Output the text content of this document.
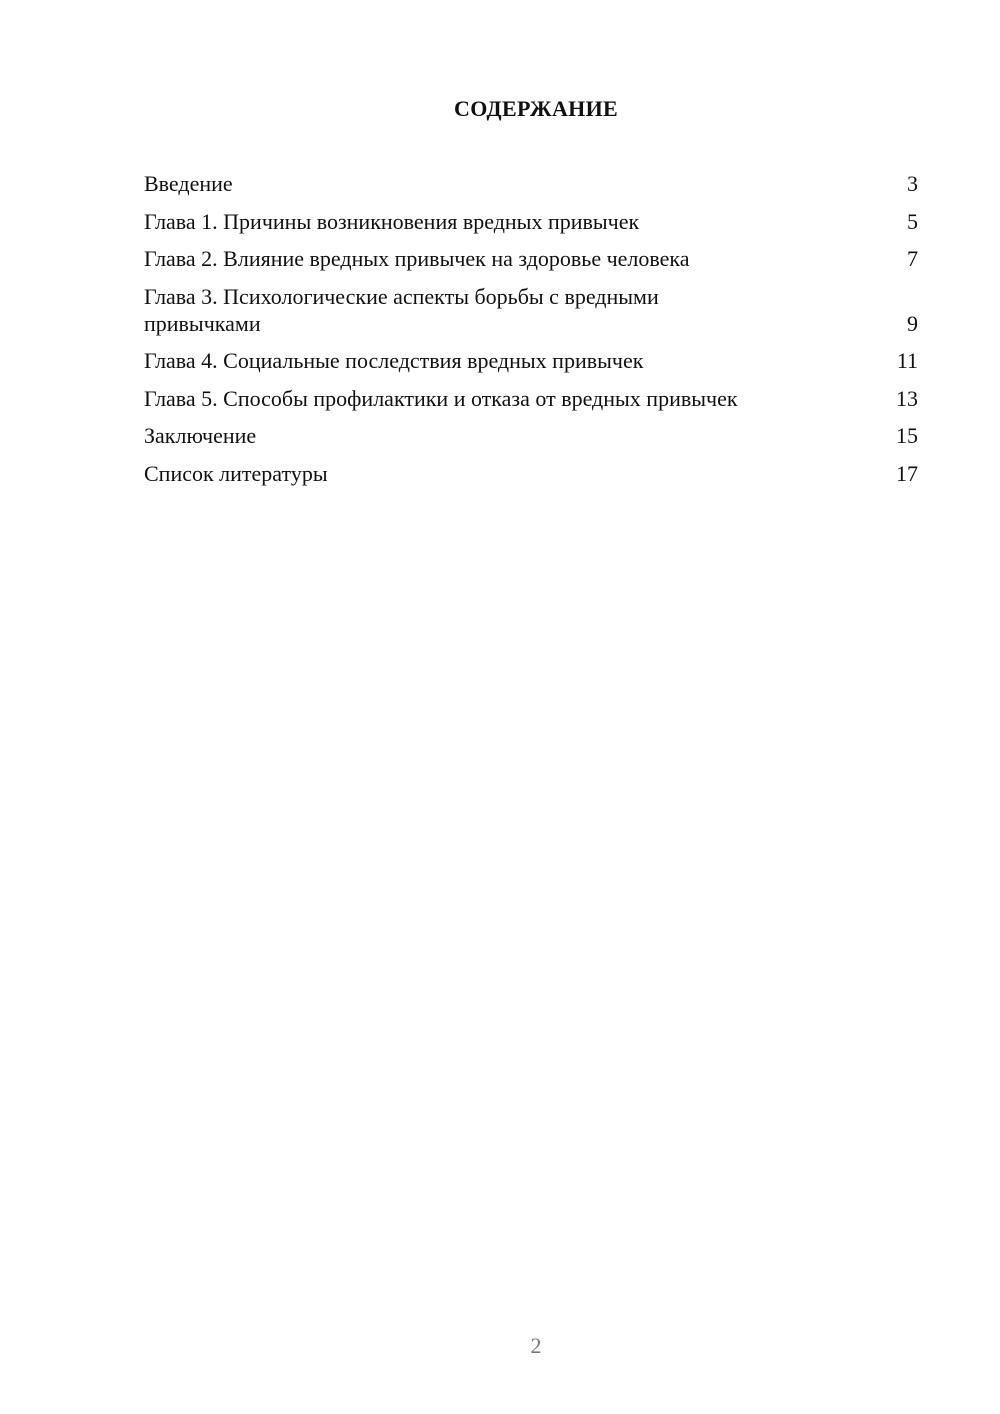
СОДЕРЖАНИЕ
Введение	3
Глава 1. Причины возникновения вредных привычек	5
Глава 2. Влияние вредных привычек на здоровье человека	7
Глава 3. Психологические аспекты борьбы с вредными привычками	9
Глава 4. Социальные последствия вредных привычек	11
Глава 5. Способы профилактики и отказа от вредных привычек	13
Заключение	15
Список литературы	17
2
